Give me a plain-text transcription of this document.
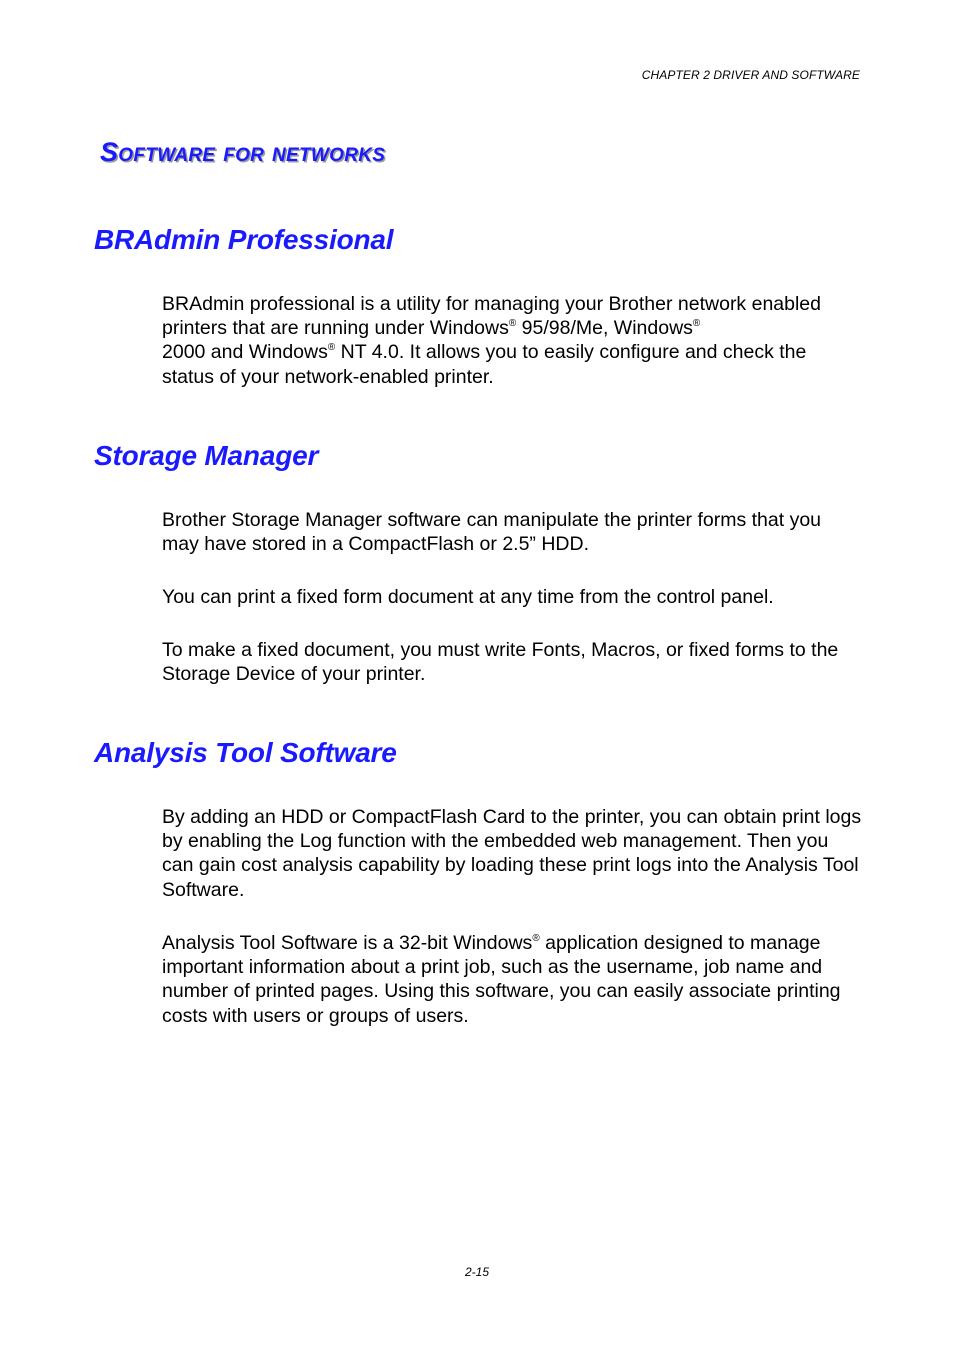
CHAPTER 2 DRIVER AND SOFTWARE
Software for networks
BRAdmin Professional

BRAdmin professional is a utility for managing your Brother network enabled printers that are running under Windows® 95/98/Me, Windows®
2000 and Windows® NT 4.0. It allows you to easily configure and check the status of your network-enabled printer.

Storage Manager

Brother Storage Manager software can manipulate the printer forms that you may have stored in a CompactFlash or 2.5” HDD.

You can print a fixed form document at any time from the control panel.

To make a fixed document, you must write Fonts, Macros, or fixed forms to the Storage Device of your printer.

Analysis Tool Software

By adding an HDD or CompactFlash Card to the printer, you can obtain print logs by enabling the Log function with the embedded web management. Then you can gain cost analysis capability by loading these print logs into the Analysis Tool Software.

Analysis Tool Software is a 32-bit Windows® application designed to manage important information about a print job, such as the username, job name and number of printed pages. Using this software, you can easily associate printing costs with users or groups of users.

2-15
